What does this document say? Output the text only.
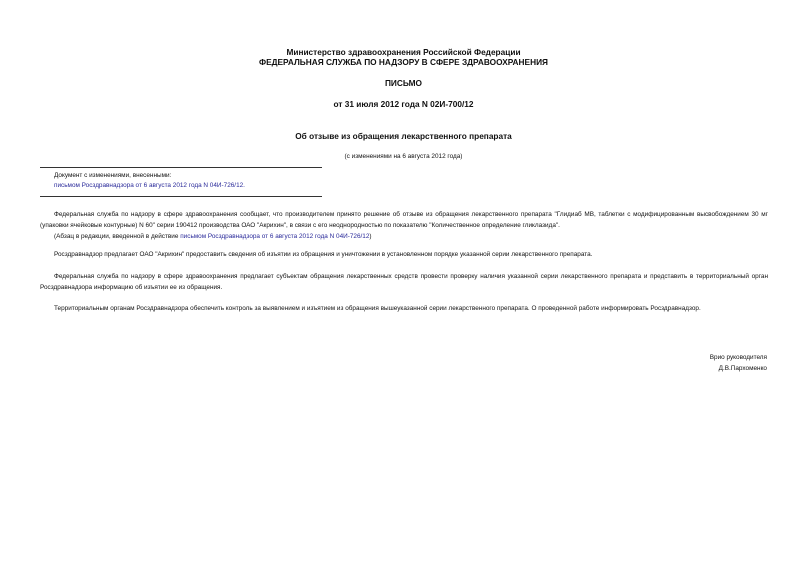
Министерство здравоохранения Российской Федерации
ФЕДЕРАЛЬНАЯ СЛУЖБА ПО НАДЗОРУ В СФЕРЕ ЗДРАВООХРАНЕНИЯ
ПИСЬМО
от 31 июля 2012 года N 02И-700/12
Об отзыве из обращения лекарственного препарата
(с изменениями на 6 августа 2012 года)
Документ с изменениями, внесенными:
письмом Росздравнадзора от 6 августа 2012 года N 04И-726/12.
Федеральная служба по надзору в сфере здравоохранения сообщает, что производителем принято решение об отзыве из обращения лекарственного препарата "Глидиаб МВ, таблетки с модифицированным высвобождением 30 мг (упаковки ячейковые контурные) N 60" серии 190412 производства ОАО "Акрихин", в связи с его неоднородностью по показателю "Количественное определение гликлазида".
(Абзац в редакции, введенной в действие письмом Росздравнадзора от 6 августа 2012 года N 04И-726/12)
Росздравнадзор предлагает ОАО "Акрихин" предоставить сведения об изъятии из обращения и уничтожении в установленном порядке указанной серии лекарственного препарата.
Федеральная служба по надзору в сфере здравоохранения предлагает субъектам обращения лекарственных средств провести проверку наличия указанной серии лекарственного препарата и представить в территориальный орган Росздравнадзора информацию об изъятии ее из обращения.
Территориальным органам Росздравнадзора обеспечить контроль за выявлением и изъятием из обращения вышеуказанной серии лекарственного препарата. О проведенной работе информировать Росздравнадзор.
Врио руководителя
Д.В.Пархоменко
